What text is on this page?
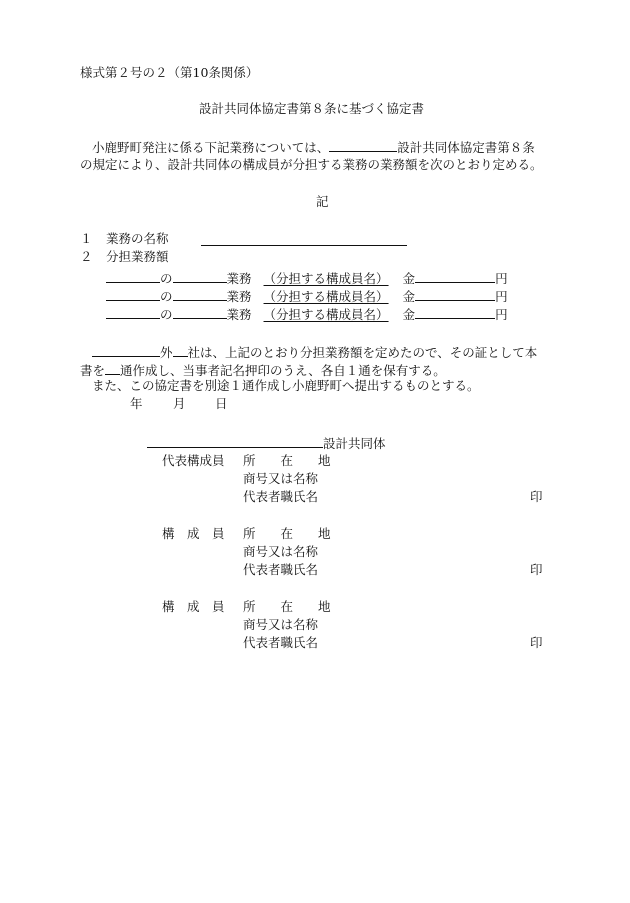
様式第２号の２（第10条関係）
設計共同体協定書第８条に基づく協定書
小鹿野町発注に係る下記業務については、	設計共同体協定書第８条
の規定により、設計共同体の構成員が分担する業務の業務額を次のとおり定める。
記
１ 業務の名称
２ 分担業務額
の	業務 （分担する構成員名） 金	円
の	業務 （分担する構成員名） 金	円
の	業務 （分担する構成員名） 金	円
外 社は、上記のとおり分担業務額を定めたので、その証として本
書を 通作成し、当事者記名押印のうえ、各自１通を保有する。
また、この協定書を別途１通作成し小鹿野町へ提出するものとする。
年 月 日
設計共同体
代表構成員 所　　在　　地
商号又は名称
代表者職氏名	印
構　成　員 所　　在　　地
商号又は名称
代表者職氏名	印
構　成　員 所　　在　　地
商号又は名称
代表者職氏名	印
